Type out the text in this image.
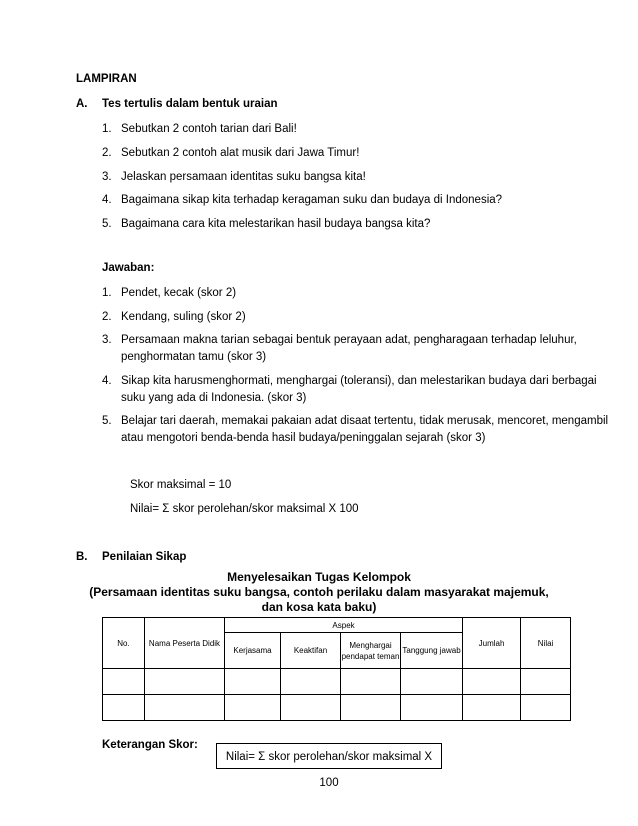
LAMPIRAN
A. Tes tertulis dalam bentuk uraian
1. Sebutkan 2 contoh tarian dari Bali!
2. Sebutkan 2 contoh alat musik dari Jawa Timur!
3. Jelaskan persamaan identitas suku bangsa kita!
4. Bagaimana sikap kita terhadap keragaman suku dan budaya di Indonesia?
5. Bagaimana cara kita melestarikan hasil budaya bangsa kita?
Jawaban:
1. Pendet, kecak (skor 2)
2. Kendang, suling (skor 2)
3. Persamaan makna tarian sebagai bentuk perayaan adat, pengharagaan terhadap leluhur,
penghormatan tamu (skor 3)
4. Sikap kita harusmenghormati, menghargai (toleransi), dan melestarikan budaya dari berbagai
suku yang ada di Indonesia. (skor 3)
5. Belajar tari daerah, memakai pakaian adat disaat tertentu, tidak merusak, mencoret, mengambil
atau mengotori benda-benda hasil budaya/peninggalan sejarah (skor 3)
Skor maksimal = 10
Nilai= Σ skor perolehan/skor maksimal X 100
B. Penilaian Sikap
Menyelesaikan Tugas Kelompok
(Persamaan identitas suku bangsa, contoh perilaku dalam masyarakat majemuk,
dan kosa kata baku)
No.	Nama Peserta Didik	Aspek				Jumlah	Nilai
		Kerjasama	Keaktifan	Menghargai pendapat teman	Tanggung jawab		

Keterangan Skor:
Nilai= Σ skor perolehan/skor maksimal X 100
